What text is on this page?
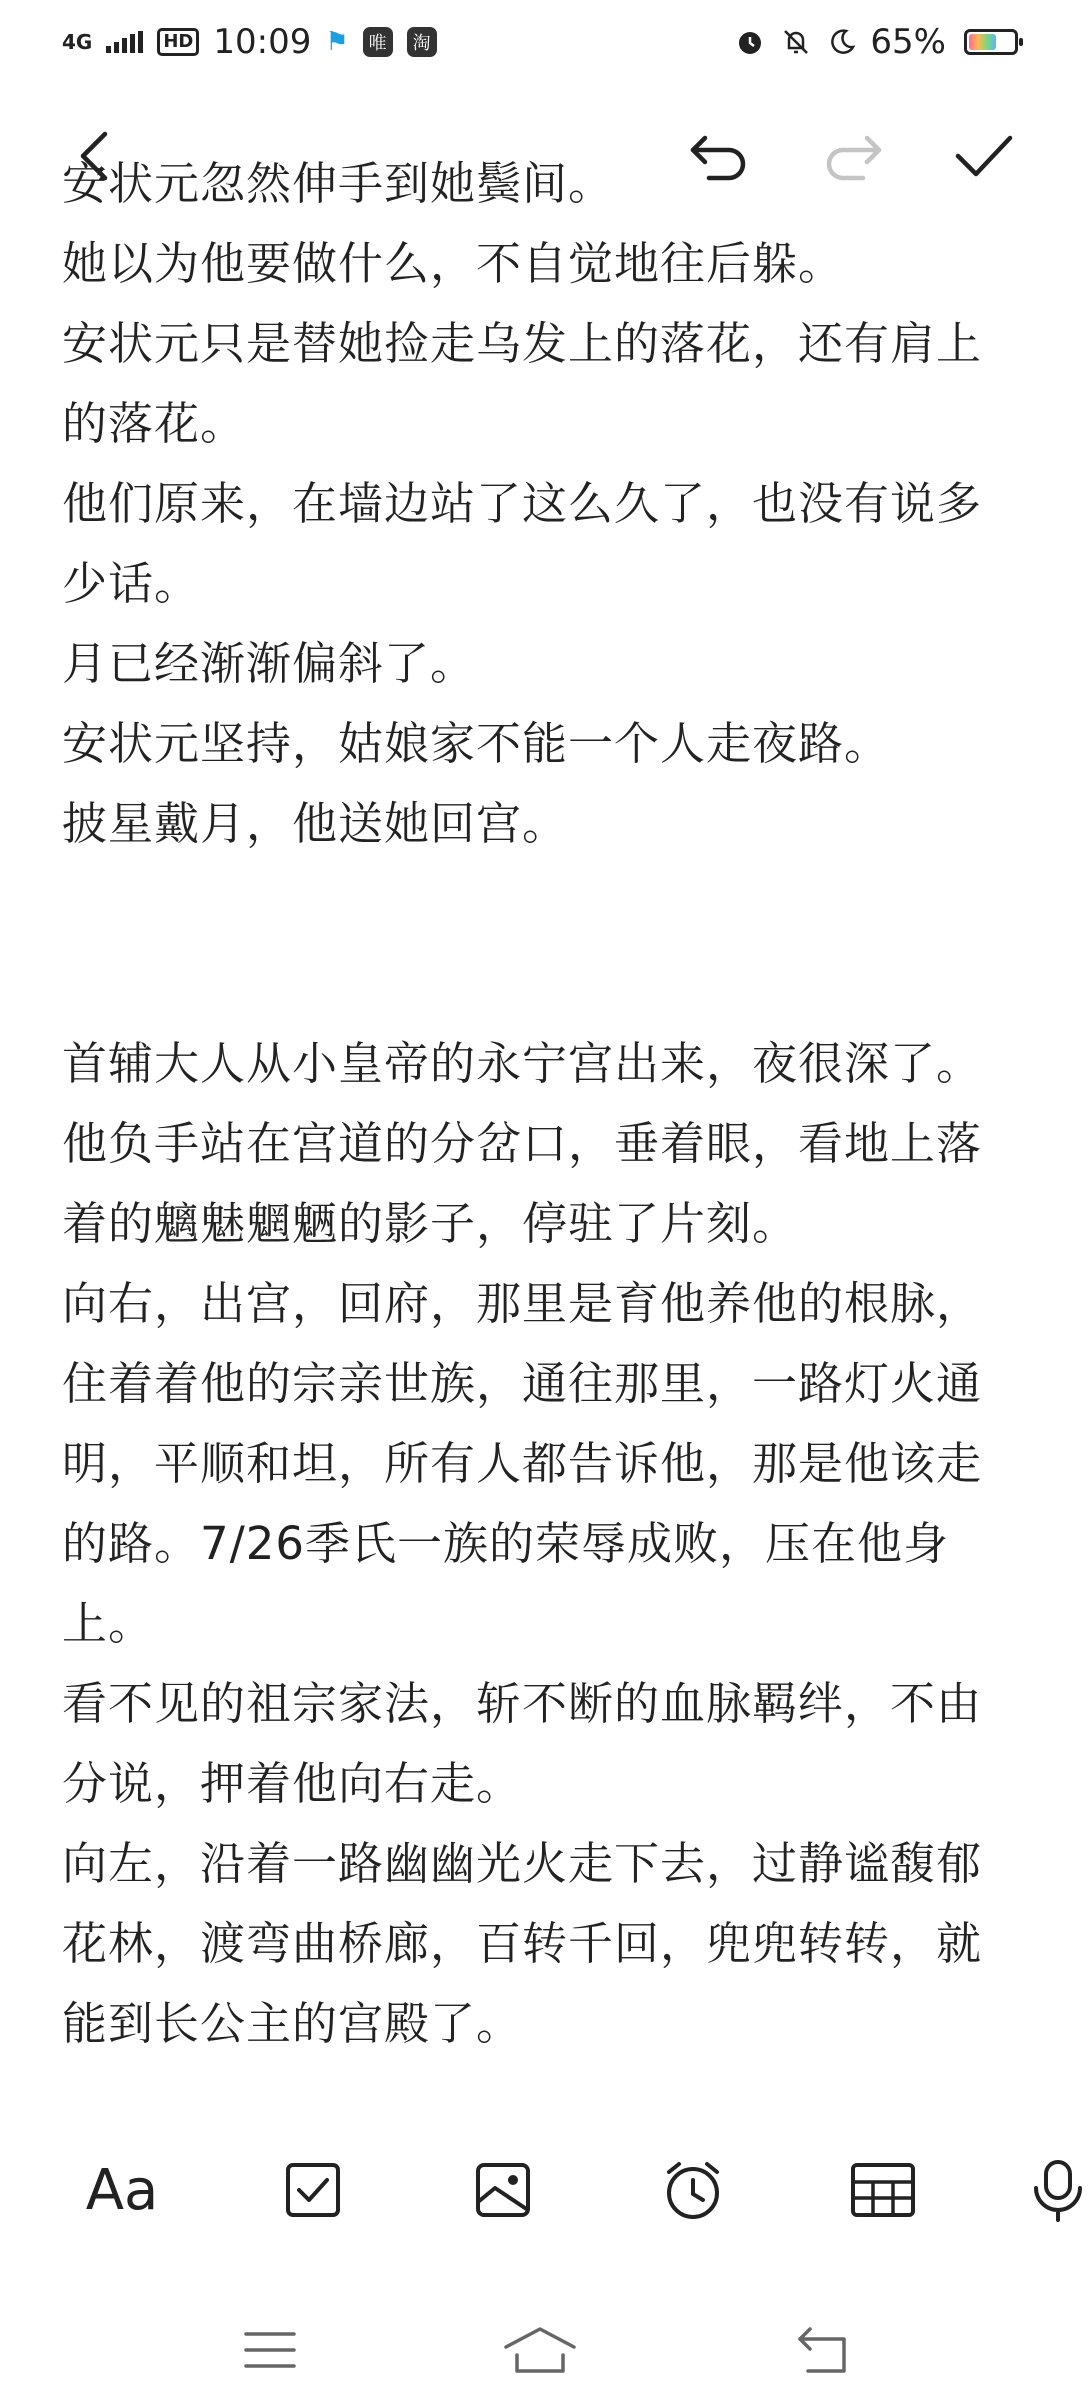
4G	HD 10:09 ⚑	唯	淘	65%

安状元忽然伸手到她鬓间。

她以为他要做什么，不自觉地往后躲。

安状元只是替她捡走乌发上的落花，还有肩上的落花。

他们原来，在墙边站了这么久了，也没有说多少话。

月已经渐渐偏斜了。

安状元坚持，姑娘家不能一个人走夜路。

披星戴月，他送她回宫。

首辅大人从小皇帝的永宁宫出来，夜很深了。

他负手站在宫道的分岔口，垂着眼，看地上落着的魑魅魍魉的影子，停驻了片刻。

向右，出宫，回府，那里是育他养他的根脉，住着着他的宗亲世族，通往那里，一路灯火通明，平顺和坦，所有人都告诉他，那是他该走的路。7/26季氏一族的荣辱成败，压在他身上。

看不见的祖宗家法，斩不断的血脉羁绊，不由分说，押着他向右走。

向左，沿着一路幽幽光火走下去，过静谧馥郁花林，渡弯曲桥廊，百转千回，兜兜转转，就能到长公主的宫殿了。

Aa
